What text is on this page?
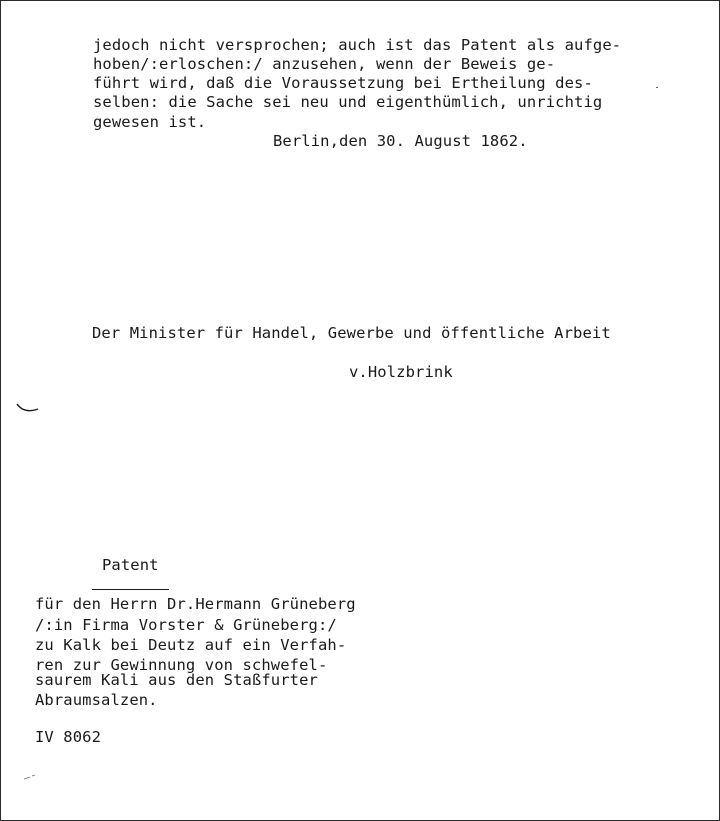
jedoch nicht versprochen; auch ist das Patent als aufge-
hoben/:erloschen:/ anzusehen, wenn der Beweis ge-
führt wird, daß die Voraussetzung bei Ertheilung des-
selben: die Sache sei neu und eigenthümlich, unrichtig
gewesen ist.
Berlin,den 30. August 1862.
Der Minister für Handel, Gewerbe und öffentliche Arbeit
v.Holzbrink
Patent
für den Herrn Dr.Hermann Grüneberg
/:in Firma Vorster & Grüneberg:/
zu Kalk bei Deutz auf ein Verfah-
ren zur Gewinnung von schwefel-
saurem Kali aus den Staßfurter
Abraumsalzen.
IV 8062
